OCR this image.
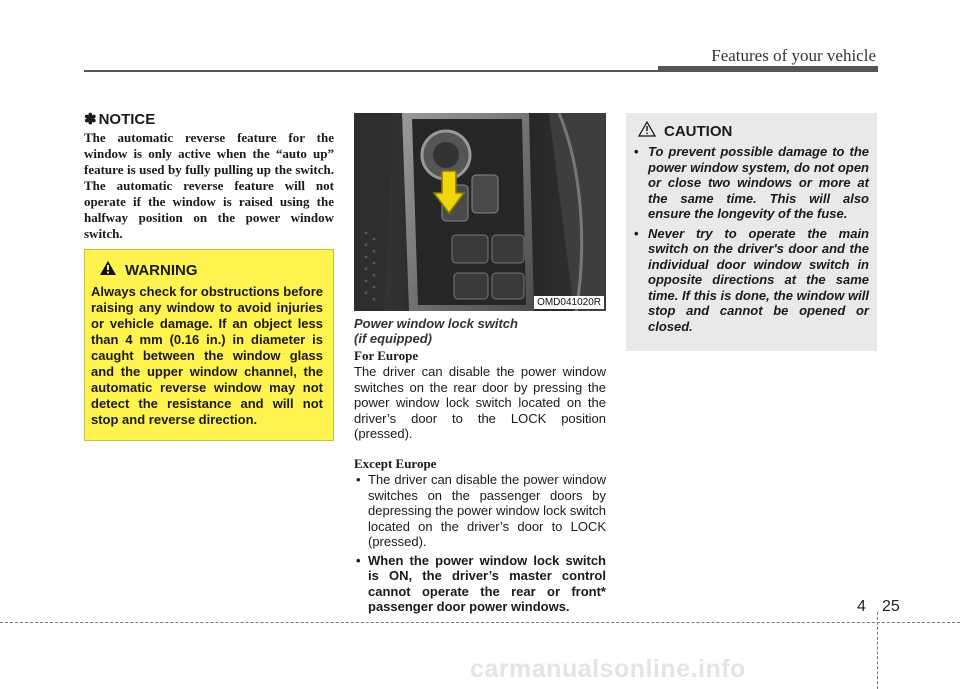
Features of your vehicle
✽ NOTICE
The automatic reverse feature for the window is only active when the “auto up” feature is used by fully pulling up the switch. The automatic reverse feature will not operate if the window is raised using the halfway position on the power window switch.
WARNING
Always check for obstructions before raising any window to avoid injuries or vehicle damage. If an object less than 4 mm (0.16 in.) in diameter is caught between the window glass and the upper window channel, the automatic reverse window may not detect the resistance and will not stop and reverse direction.
OMD041020R
Power window lock switch
(if equipped)
For Europe
The driver can disable the power window switches on the rear door by pressing the power window lock switch located on the driver’s door to the LOCK position (pressed).
Except Europe
• The driver can disable the power window switches on the passenger doors by depressing the power window lock switch located on the driver’s door to LOCK (pressed).
• When the power window lock switch is ON, the driver’s master control cannot operate the rear or front* passenger door power windows.
CAUTION
• To prevent possible damage to the power window system, do not open or close two windows or more at the same time. This will also ensure the longevity of the fuse.
• Never try to operate the main switch on the driver's door and the individual door window switch in opposite directions at the same time. If this is done, the window will stop and cannot be opened or closed.
4 25
carmanualsonline.info
